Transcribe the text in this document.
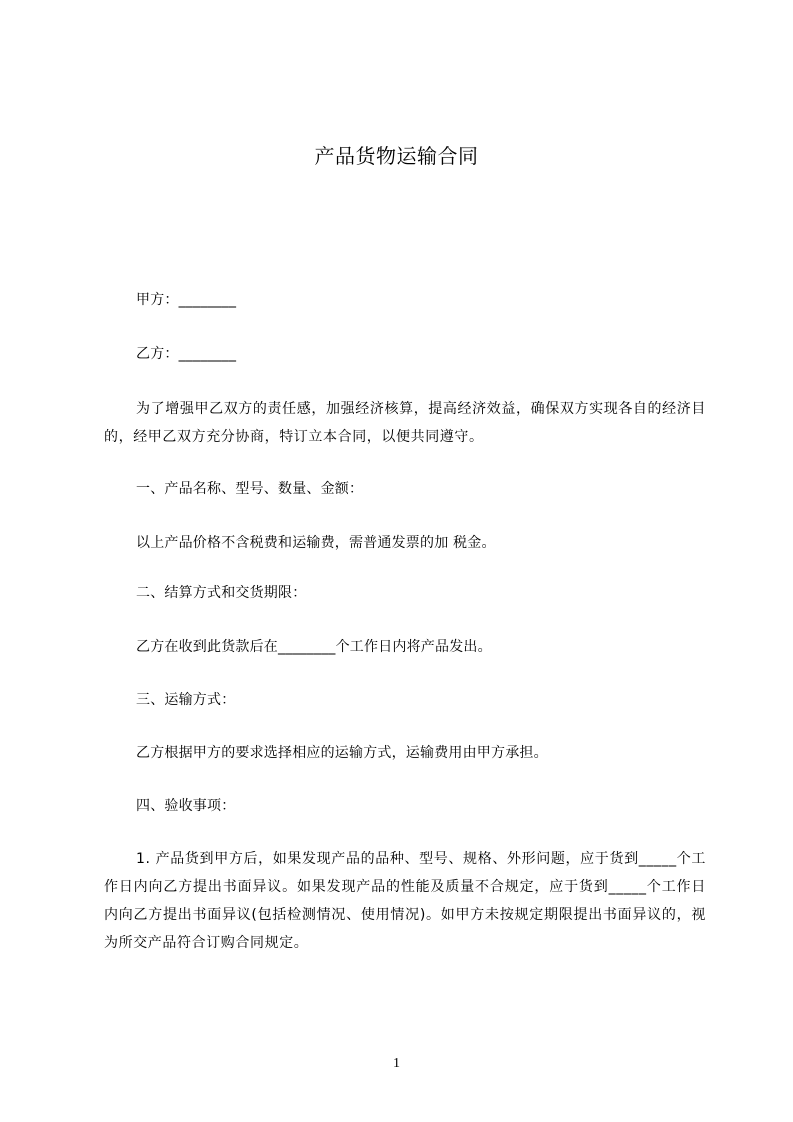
产品货物运输合同
甲方：________
乙方：________
为了增强甲乙双方的责任感，加强经济核算，提高经济效益，确保双方实现各自的经济目的，经甲乙双方充分协商，特订立本合同，以便共同遵守。
一、产品名称、型号、数量、金额：
以上产品价格不含税费和运输费，需普通发票的加 税金。
二、结算方式和交货期限：
乙方在收到此货款后在________个工作日内将产品发出。
三、运输方式：
乙方根据甲方的要求选择相应的运输方式，运输费用由甲方承担。
四、验收事项：
1. 产品货到甲方后，如果发现产品的品种、型号、规格、外形问题，应于货到_____个工作日内向乙方提出书面异议。如果发现产品的性能及质量不合规定，应于货到_____个工作日内向乙方提出书面异议(包括检测情况、使用情况)。如甲方未按规定期限提出书面异议的，视为所交产品符合订购合同规定。
1
